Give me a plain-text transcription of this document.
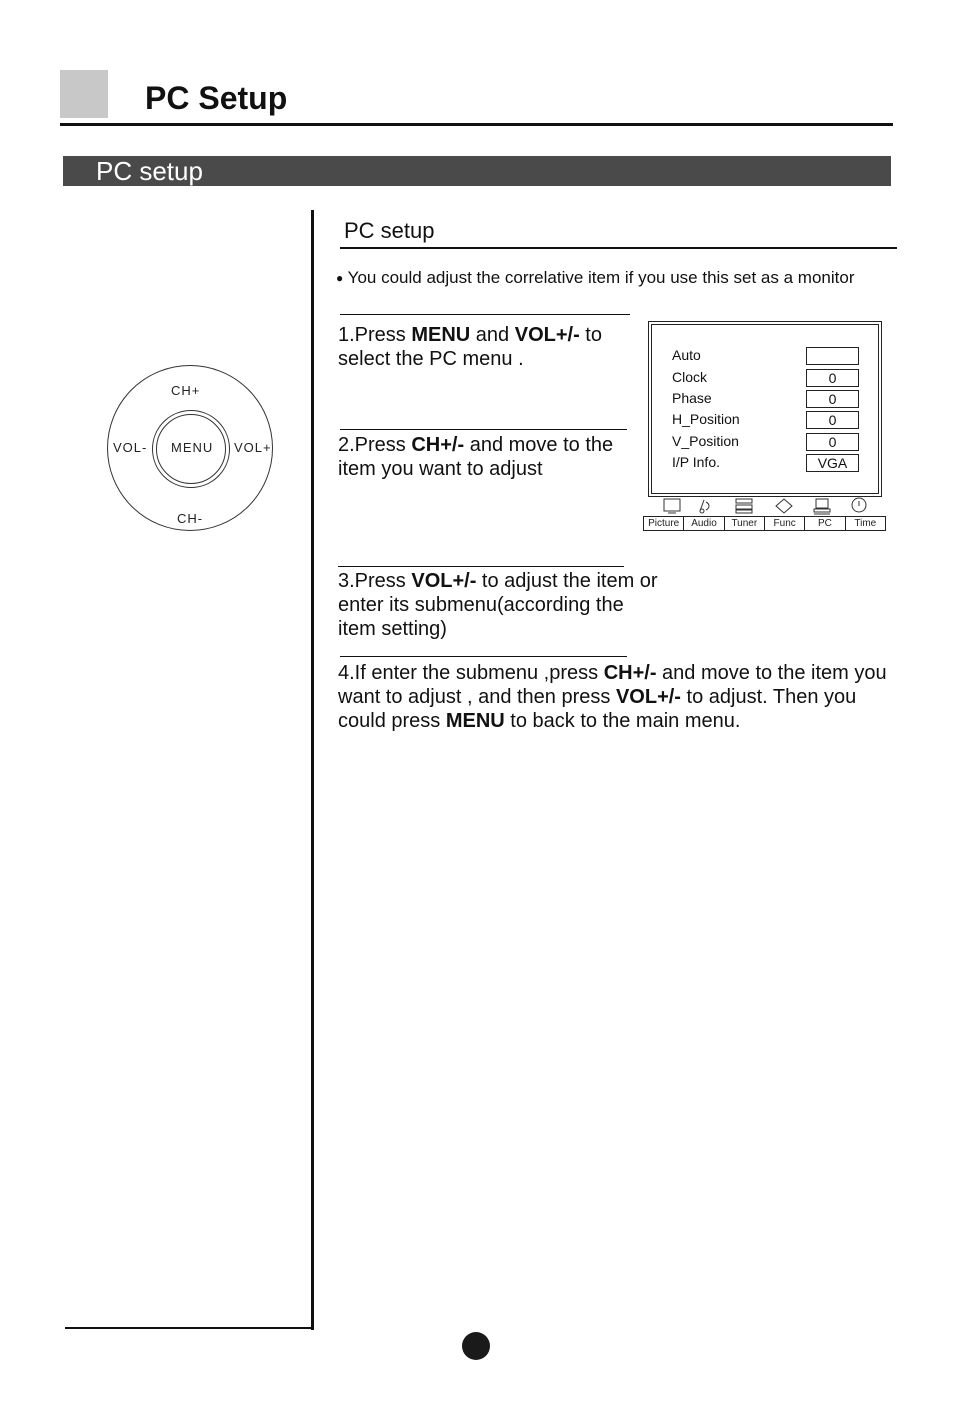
PC Setup
PC setup
CH+
CH-
VOL-	VOL+
MENU
PC setup
● You could adjust the correlative item if you use this set as a monitor
1.Press MENU and VOL+/- to select the PC menu .
2.Press CH+/- and move to the item you want to adjust
3.Press VOL+/- to adjust the item or enter its submenu(according the item setting)
4.If enter the submenu ,press CH+/- and move to the item you want to adjust , and then press VOL+/- to adjust. Then you could press MENU to back to the main menu.
Auto
Clock	0
Phase	0
H_Position	0
V_Position	0
I/P Info.	VGA
Picture	Audio	Tuner	Func	PC	Time
